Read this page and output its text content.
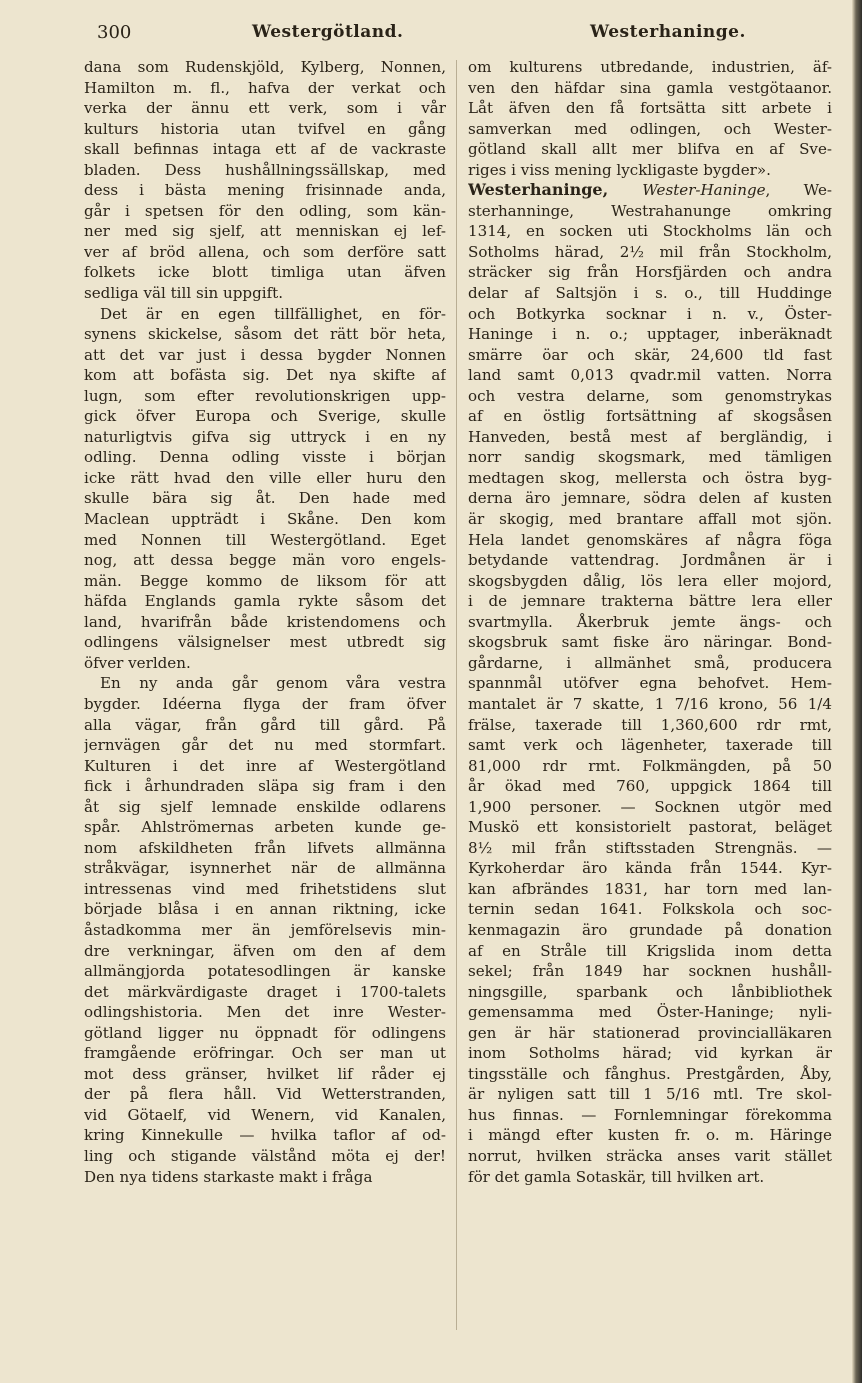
300	Westergötland.	Westerhaninge.
dana som Rudenskjöld, Kylberg, Nonnen,
Hamilton m. fl., hafva der verkat och
verka der ännu ett verk, som i vår
kulturs historia utan tvifvel en gång
skall befinnas intaga ett af de vackraste
bladen. Dess hushållningssällskap, med
dess i bästa mening frisinnade anda,
går i spetsen för den odling, som kän-
ner med sig sjelf, att menniskan ej lef-
ver af bröd allena, och som derföre satt
folkets icke blott timliga utan äfven
sedliga väl till sin uppgift.
Det är en egen tillfällighet, en för-
synens skickelse, såsom det rätt bör heta,
att det var just i dessa bygder Nonnen
kom att bofästa sig. Det nya skifte af
lugn, som efter revolutionskrigen upp-
gick öfver Europa och Sverige, skulle
naturligtvis gifva sig uttryck i en ny
odling. Denna odling visste i början
icke rätt hvad den ville eller huru den
skulle bära sig åt. Den hade med
Maclean uppträdt i Skåne. Den kom
med Nonnen till Westergötland. Eget
nog, att dessa begge män voro engels-
män. Begge kommo de liksom för att
häfda Englands gamla rykte såsom det
land, hvarifrån både kristendomens och
odlingens välsignelser mest utbredt sig
öfver verlden.
En ny anda går genom våra vestra
bygder. Idéerna flyga der fram öfver
alla vägar, från gård till gård. På
jernvägen går det nu med stormfart.
Kulturen i det inre af Westergötland
fick i århundraden släpa sig fram i den
åt sig sjelf lemnade enskilde odlarens
spår. Ahlströmernas arbeten kunde ge-
nom afskildheten från lifvets allmänna
stråkvägar, isynnerhet när de allmänna
intressenas vind med frihetstidens slut
började blåsa i en annan riktning, icke
åstadkomma mer än jemförelsevis min-
dre verkningar, äfven om den af dem
allmängjorda potatesodlingen är kanske
det märkvärdigaste draget i 1700-talets
odlingshistoria. Men det inre Wester-
götland ligger nu öppnadt för odlingens
framgående eröfringar. Och ser man ut
mot dess gränser, hvilket lif råder ej
der på flera håll. Vid Wetterstranden,
vid Götaelf, vid Wenern, vid Kanalen,
kring Kinnekulle — hvilka taflor af od-
ling och stigande välstånd möta ej der!
Den nya tidens starkaste makt i fråga
om kulturens utbredande, industrien, äf-
ven den häfdar sina gamla vestgötaanor.
Låt äfven den få fortsätta sitt arbete i
samverkan med odlingen, och Wester-
götland skall allt mer blifva en af Sve-
riges i viss mening lyckligaste bygder».
Westerhaninge, Wester-Haninge, We-
sterhanninge, Westrahanunge omkring
1314, en socken uti Stockholms län och
Sotholms härad, 2½ mil från Stockholm,
sträcker sig från Horsfjärden och andra
delar af Saltsjön i s. o., till Huddinge
och Botkyrka socknar i n. v., Öster-
Haninge i n. o.; upptager, inberäknadt
smärre öar och skär, 24,600 tld fast
land samt 0,013 qvadr.mil vatten. Norra
och vestra delarne, som genomstrykas
af en östlig fortsättning af skogsåsen
Hanveden, bestå mest af bergländig, i
norr sandig skogsmark, med tämligen
medtagen skog, mellersta och östra byg-
derna äro jemnare, södra delen af kusten
är skogig, med brantare affall mot sjön.
Hela landet genomskäres af några föga
betydande vattendrag. Jordmånen är i
skogsbygden dålig, lös lera eller mojord,
i de jemnare trakterna bättre lera eller
svartmylla. Åkerbruk jemte ängs- och
skogsbruk samt fiske äro näringar. Bond-
gårdarne, i allmänhet små, producera
spannmål utöfver egna behofvet. Hem-
mantalet är 7 skatte, 1 7/16 krono, 56 1/4
frälse, taxerade till 1,360,600 rdr rmt,
samt verk och lägenheter, taxerade till
81,000 rdr rmt. Folkmängden, på 50
år ökad med 760, uppgick 1864 till
1,900 personer. — Socknen utgör med
Muskö ett konsistorielt pastorat, beläget
8½ mil från stiftsstaden Strengnäs. —
Kyrkoherdar äro kända från 1544. Kyr-
kan afbrändes 1831, har torn med lan-
ternin sedan 1641. Folkskola och soc-
kenmagazin äro grundade på donation
af en Stråle till Krigslida inom detta
sekel; från 1849 har socknen hushåll-
ningsgille, sparbank och lånbibliothek
gemensamma med Öster-Haninge; nyli-
gen är här stationerad provincialläkaren
inom Sotholms härad; vid kyrkan är
tingsställe och fånghus. Prestgården, Åby,
är nyligen satt till 1 5/16 mtl. Tre skol-
hus finnas. — Fornlemningar förekomma
i mängd efter kusten fr. o. m. Häringe
norrut, hvilken sträcka anses varit stället
för det gamla Sotaskär, till hvilken art.
